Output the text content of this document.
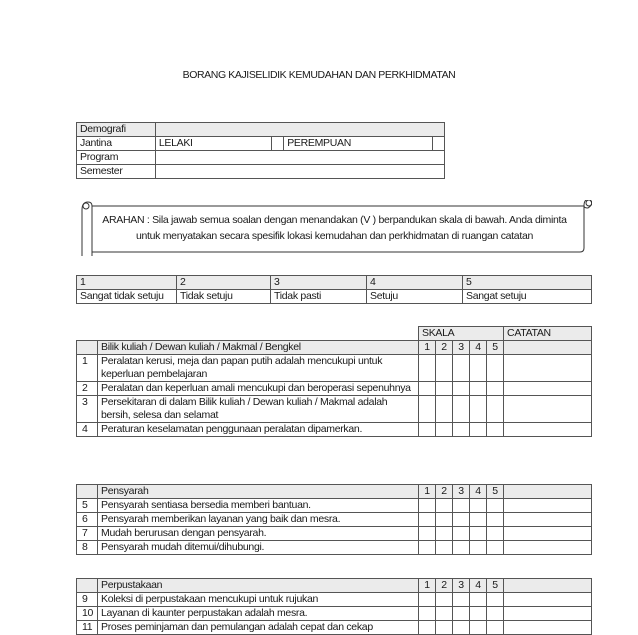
BORANG KAJISELIDIK KEMUDAHAN DAN PERKHIDMATAN
Demografi				
Jantina	LELAKI		PEREMPUAN	
Program				
Semester				
ARAHAN : Sila jawab semua soalan dengan menandakan (V ) berpandukan skala di bawah. Anda diminta untuk menyatakan secara spesifik lokasi kemudahan dan perkhidmatan di ruangan catatan
1	2	3	4	5
Sangat tidak setuju	Tidak setuju	Tidak pasti	Setuju	Sangat setuju
		SKALA					CATATAN
	Bilik kuliah / Dewan kuliah / Makmal / Bengkel	1	2	3	4	5	
1	Peralatan kerusi, meja dan papan putih adalah mencukupi untuk keperluan pembelajaran						
2	Peralatan dan keperluan amali mencukupi dan beroperasi sepenuhnya						
3	Persekitaran di dalam Bilik kuliah / Dewan kuliah / Makmal adalah bersih, selesa dan selamat						
4	Peraturan keselamatan penggunaan peralatan dipamerkan.						
	Pensyarah	1	2	3	4	5	
5	Pensyarah sentiasa bersedia memberi bantuan.						
6	Pensyarah memberikan layanan yang baik dan mesra.						
7	Mudah berurusan dengan pensyarah.						
8	Pensyarah mudah ditemui/dihubungi.						
	Perpustakaan	1	2	3	4	5	
9	Koleksi di perpustakaan mencukupi untuk rujukan						
10	Layanan di kaunter perpustakan adalah mesra.						
11	Proses peminjaman dan pemulangan adalah cepat dan cekap						
